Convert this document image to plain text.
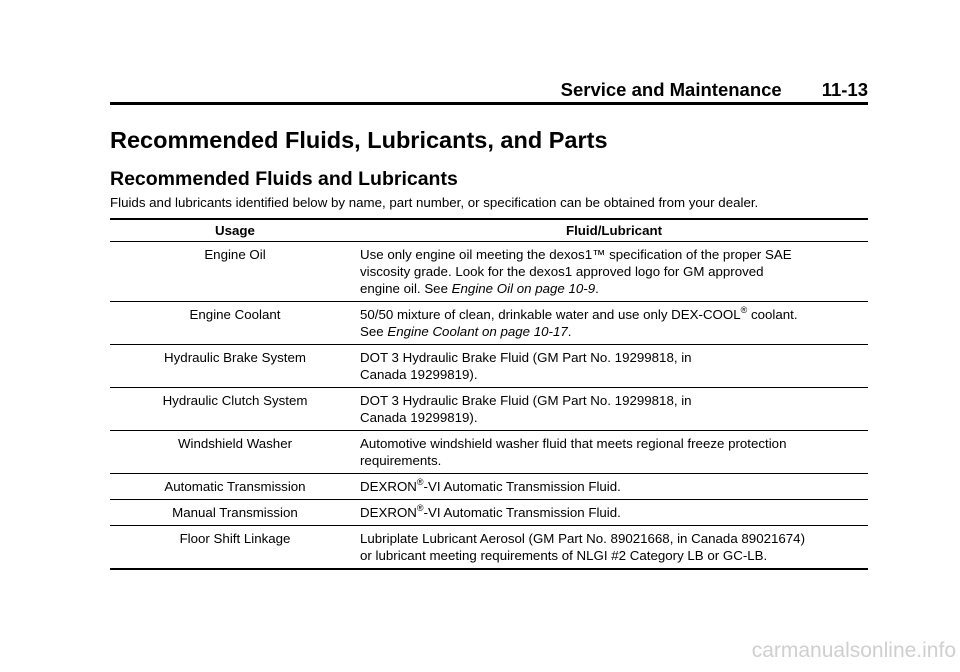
Service and Maintenance 11-13
Recommended Fluids, Lubricants, and Parts
Recommended Fluids and Lubricants
Fluids and lubricants identified below by name, part number, or specification can be obtained from your dealer.
Usage	Fluid/Lubricant
Engine Oil	Use only engine oil meeting the dexos1™ specification of the proper SAE
viscosity grade. Look for the dexos1 approved logo for GM approved
engine oil. See Engine Oil on page 10-9.
Engine Coolant	50/50 mixture of clean, drinkable water and use only DEX-COOL® coolant.
See Engine Coolant on page 10-17.
Hydraulic Brake System	DOT 3 Hydraulic Brake Fluid (GM Part No. 19299818, in
Canada 19299819).
Hydraulic Clutch System	DOT 3 Hydraulic Brake Fluid (GM Part No. 19299818, in
Canada 19299819).
Windshield Washer	Automotive windshield washer fluid that meets regional freeze protection
requirements.
Automatic Transmission	DEXRON®-VI Automatic Transmission Fluid.
Manual Transmission	DEXRON®-VI Automatic Transmission Fluid.
Floor Shift Linkage	Lubriplate Lubricant Aerosol (GM Part No. 89021668, in Canada 89021674)
or lubricant meeting requirements of NLGI #2 Category LB or GC-LB.
carmanualsonline.info
